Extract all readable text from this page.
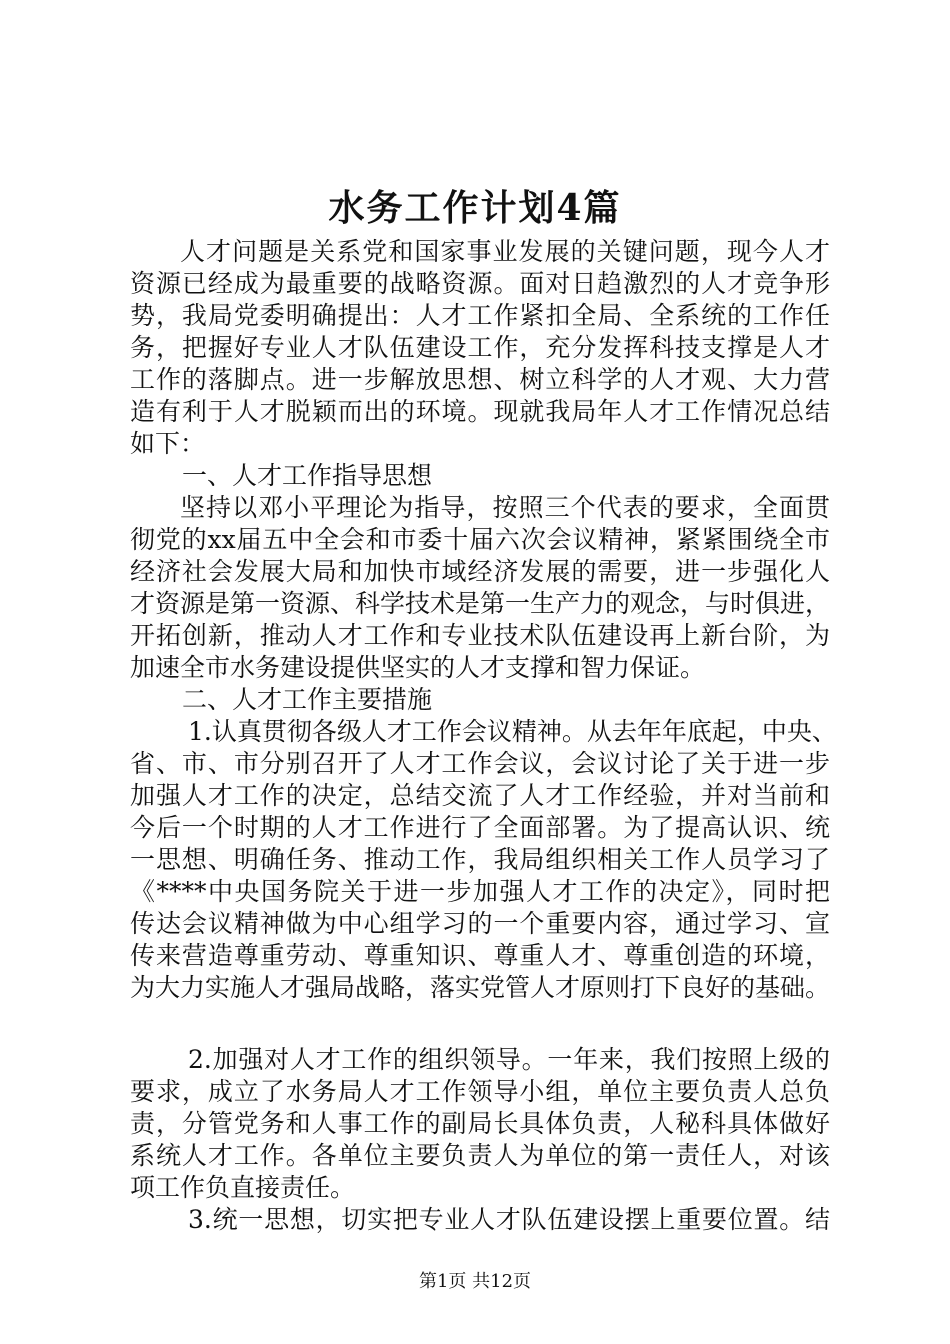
水务工作计划4篇
人才问题是关系党和国家事业发展的关键问题，现今人才
资源已经成为最重要的战略资源。面对日趋激烈的人才竞争形
势，我局党委明确提出：人才工作紧扣全局、全系统的工作任
务，把握好专业人才队伍建设工作，充分发挥科技支撑是人才
工作的落脚点。进一步解放思想、树立科学的人才观、大力营
造有利于人才脱颖而出的环境。现就我局年人才工作情况总结
如下：
一、人才工作指导思想
坚持以邓小平理论为指导，按照三个代表的要求，全面贯
彻党的xx届五中全会和市委十届六次会议精神，紧紧围绕全市
经济社会发展大局和加快市域经济发展的需要，进一步强化人
才资源是第一资源、科学技术是第一生产力的观念，与时俱进，
开拓创新，推动人才工作和专业技术队伍建设再上新台阶，为
加速全市水务建设提供坚实的人才支撑和智力保证。
二、人才工作主要措施
1.认真贯彻各级人才工作会议精神。从去年年底起，中央、
省、市、市分别召开了人才工作会议，会议讨论了关于进一步
加强人才工作的决定，总结交流了人才工作经验，并对当前和
今后一个时期的人才工作进行了全面部署。为了提高认识、统
一思想、明确任务、推动工作，我局组织相关工作人员学习了
《****中央国务院关于进一步加强人才工作的决定》，同时把
传达会议精神做为中心组学习的一个重要内容，通过学习、宣
传来营造尊重劳动、尊重知识、尊重人才、尊重创造的环境，
为大力实施人才强局战略，落实党管人才原则打下良好的基础。
2.加强对人才工作的组织领导。一年来，我们按照上级的
要求，成立了水务局人才工作领导小组，单位主要负责人总负
责，分管党务和人事工作的副局长具体负责，人秘科具体做好
系统人才工作。各单位主要负责人为单位的第一责任人，对该
项工作负直接责任。
3.统一思想，切实把专业人才队伍建设摆上重要位置。结
第1页 共12页
